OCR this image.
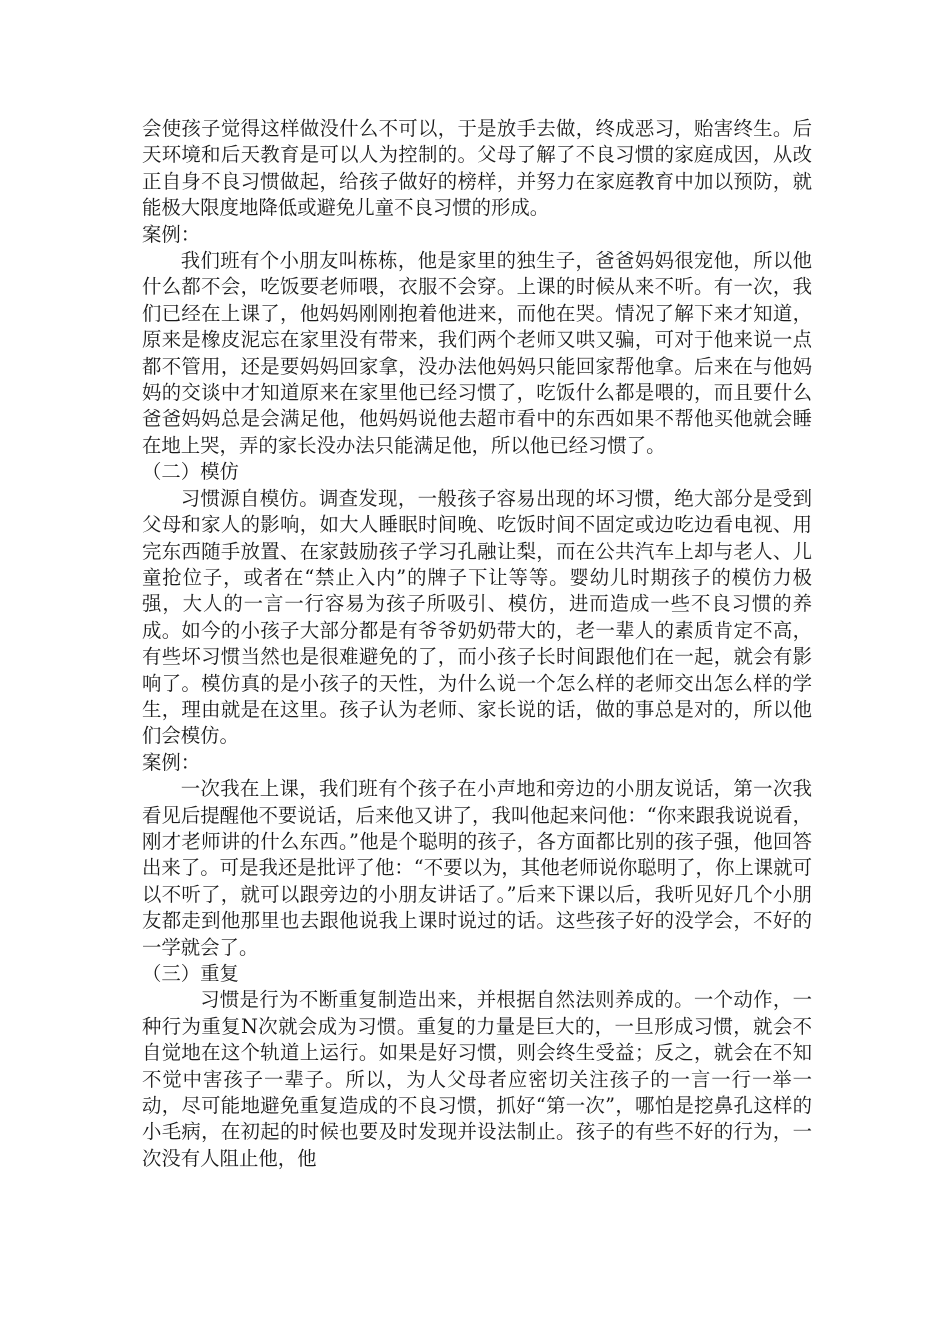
会使孩子觉得这样做没什么不可以，于是放手去做，终成恶习，贻害终生。后天环境和后天教育是可以人为控制的。父母了解了不良习惯的家庭成因，从改正自身不良习惯做起，给孩子做好的榜样，并努力在家庭教育中加以预防，就能极大限度地降低或避免儿童不良习惯的形成。

案例：

我们班有个小朋友叫栋栋，他是家里的独生子，爸爸妈妈很宠他，所以他什么都不会，吃饭要老师喂，衣服不会穿。上课的时候从来不听。有一次，我们已经在上课了，他妈妈刚刚抱着他进来，而他在哭。情况了解下来才知道，原来是橡皮泥忘在家里没有带来，我们两个老师又哄又骗，可对于他来说一点都不管用，还是要妈妈回家拿，没办法他妈妈只能回家帮他拿。后来在与他妈妈的交谈中才知道原来在家里他已经习惯了，吃饭什么都是喂的，而且要什么爸爸妈妈总是会满足他，他妈妈说他去超市看中的东西如果不帮他买他就会睡在地上哭，弄的家长没办法只能满足他，所以他已经习惯了。

（二）模仿

习惯源自模仿。调查发现，一般孩子容易出现的坏习惯，绝大部分是受到父母和家人的影响，如大人睡眠时间晚、吃饭时间不固定或边吃边看电视、用完东西随手放置、在家鼓励孩子学习孔融让梨，而在公共汽车上却与老人、儿童抢位子，或者在“禁止入内”的牌子下让等等。婴幼儿时期孩子的模仿力极强，大人的一言一行容易为孩子所吸引、模仿，进而造成一些不良习惯的养成。如今的小孩子大部分都是有爷爷奶奶带大的，老一辈人的素质肯定不高，有些坏习惯当然也是很难避免的了，而小孩子长时间跟他们在一起，就会有影响了。模仿真的是小孩子的天性，为什么说一个怎么样的老师交出怎么样的学生，理由就是在这里。孩子认为老师、家长说的话，做的事总是对的，所以他们会模仿。

案例：

一次我在上课，我们班有个孩子在小声地和旁边的小朋友说话，第一次我看见后提醒他不要说话，后来他又讲了，我叫他起来问他：“你来跟我说说看，刚才老师讲的什么东西。”他是个聪明的孩子，各方面都比别的孩子强，他回答出来了。可是我还是批评了他：“不要以为，其他老师说你聪明了，你上课就可以不听了，就可以跟旁边的小朋友讲话了。”后来下课以后，我听见好几个小朋友都走到他那里也去跟他说我上课时说过的话。这些孩子好的没学会，不好的一学就会了。

（三）重复

习惯是行为不断重复制造出来，并根据自然法则养成的。一个动作，一种行为重复N次就会成为习惯。重复的力量是巨大的，一旦形成习惯，就会不自觉地在这个轨道上运行。如果是好习惯，则会终生受益；反之，就会在不知不觉中害孩子一辈子。所以，为人父母者应密切关注孩子的一言一行一举一动，尽可能地避免重复造成的不良习惯，抓好“第一次”，哪怕是挖鼻孔这样的小毛病，在初起的时候也要及时发现并设法制止。孩子的有些不好的行为，一次没有人阻止他，他
